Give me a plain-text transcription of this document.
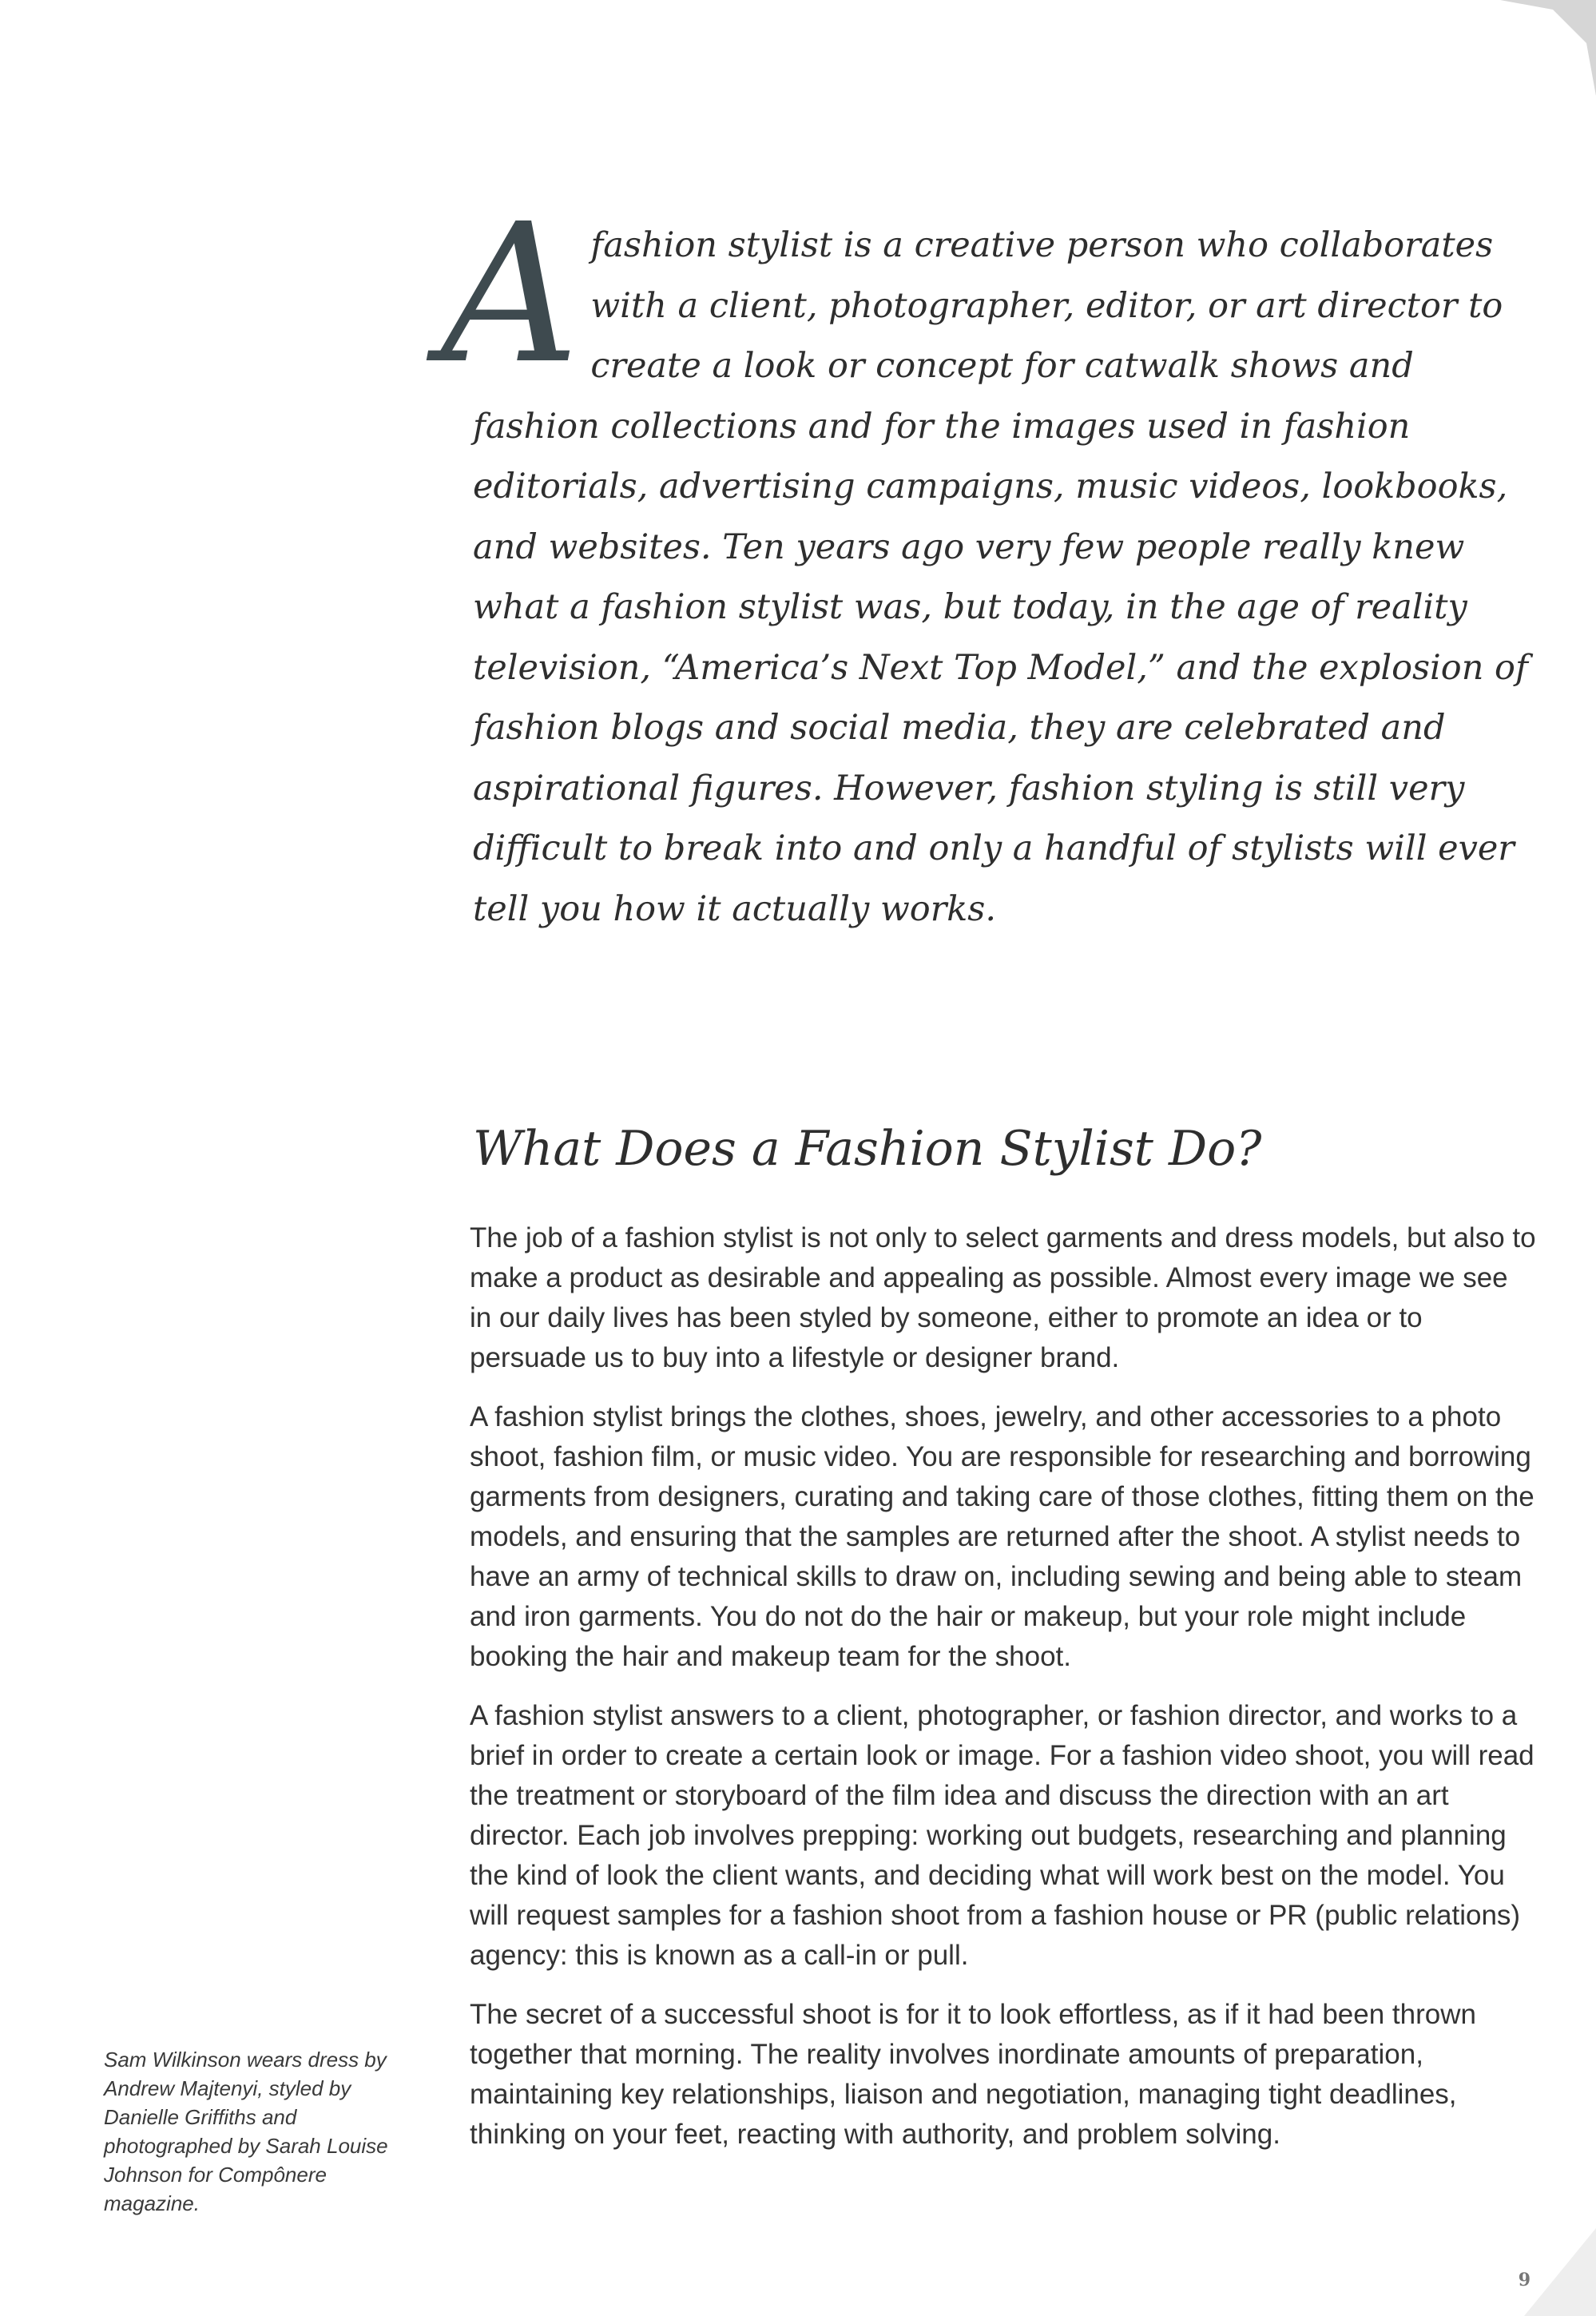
A fashion stylist is a creative person who collaborates with a client, photographer, editor, or art director to create a look or concept for catwalk shows and fashion collections and for the images used in fashion editorials, advertising campaigns, music videos, lookbooks, and websites. Ten years ago very few people really knew what a fashion stylist was, but today, in the age of reality television, “America’s Next Top Model,” and the explosion of fashion blogs and social media, they are celebrated and aspirational figures. However, fashion styling is still very difficult to break into and only a handful of stylists will ever tell you how it actually works.
What Does a Fashion Stylist Do?

The job of a fashion stylist is not only to select garments and dress models, but also to make a product as desirable and appealing as possible. Almost every image we see in our daily lives has been styled by someone, either to promote an idea or to persuade us to buy into a lifestyle or designer brand.

A fashion stylist brings the clothes, shoes, jewelry, and other accessories to a photo shoot, fashion film, or music video. You are responsible for researching and borrowing garments from designers, curating and taking care of those clothes, fitting them on the models, and ensuring that the samples are returned after the shoot. A stylist needs to have an army of technical skills to draw on, including sewing and being able to steam and iron garments. You do not do the hair or makeup, but your role might include booking the hair and makeup team for the shoot.

A fashion stylist answers to a client, photographer, or fashion director, and works to a brief in order to create a certain look or image. For a fashion video shoot, you will read the treatment or storyboard of the film idea and discuss the direction with an art director. Each job involves prepping: working out budgets, researching and planning the kind of look the client wants, and deciding what will work best on the model. You will request samples for a fashion shoot from a fashion house or PR (public relations) agency: this is known as a call-in or pull.

The secret of a successful shoot is for it to look effortless, as if it had been thrown together that morning. The reality involves inordinate amounts of preparation, maintaining key relationships, liaison and negotiation, managing tight deadlines, thinking on your feet, reacting with authority, and problem solving.

Sam Wilkinson wears dress by Andrew Majtenyi, styled by Danielle Griffiths and photographed by Sarah Louise Johnson for Compônere magazine.
9
